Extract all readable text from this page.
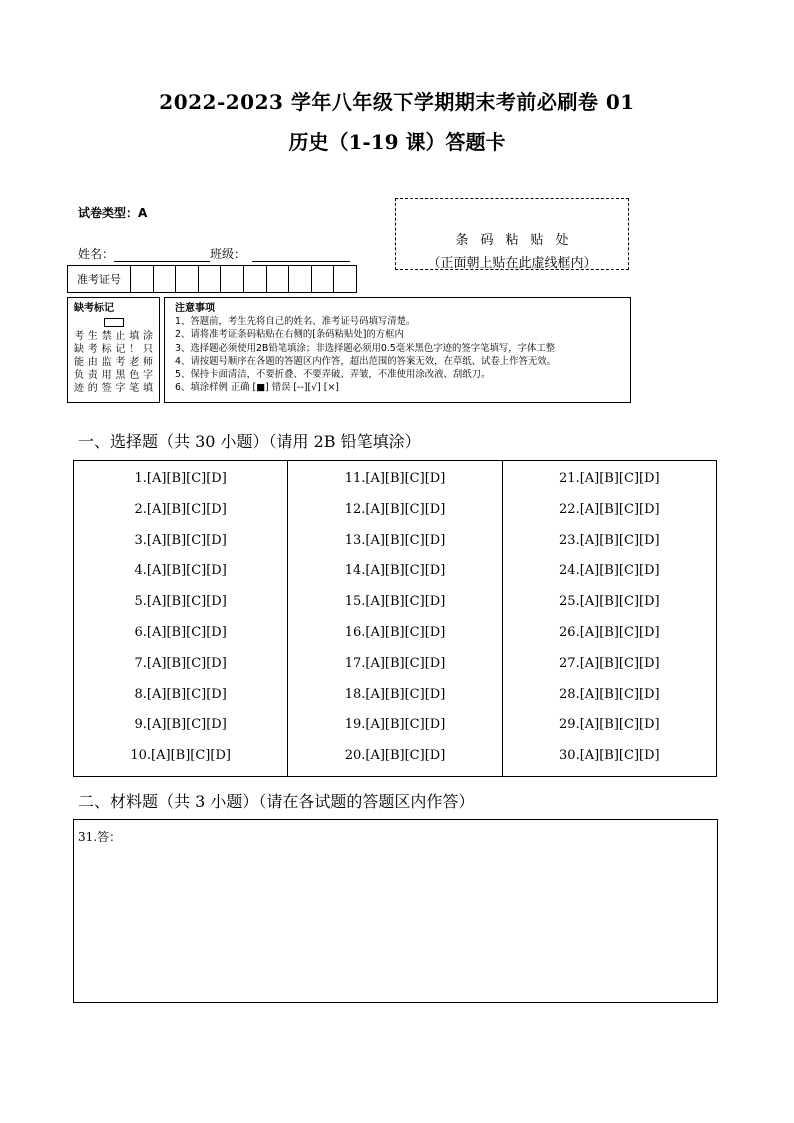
2022-2023 学年八年级下学期期末考前必刷卷 01
历史（1-19 课）答题卡
试卷类型：A
姓名：	班级：
条码粘贴处
（正面朝上贴在此虚线框内）
准考证号
缺考标记
考生禁止填涂
缺考标记！只
能由监考老师
负责用黑色字
迹的签字笔填
注意事项
1、答题前，考生先将自己的姓名、准考证号码填写清楚。
2、请将准考证条码粘贴在右侧的[条码粘贴处]的方框内
3、选择题必须使用2B铅笔填涂；非选择题必须用0.5毫米黑色字迹的签字笔填写，字体工整
4、请按题号顺序在各题的答题区内作答，超出范围的答案无效，在草纸、试卷上作答无效。
5、保持卡面清洁，不要折叠、不要弄破、弄皱，不准使用涂改液、刮纸刀。
6、填涂样例 正确 [■] 错误 [--][√] [×]
一、选择题（共 30 小题）（请用 2B 铅笔填涂）
1.[A][B][C][D]
2.[A][B][C][D]
3.[A][B][C][D]
4.[A][B][C][D]
5.[A][B][C][D]
6.[A][B][C][D]
7.[A][B][C][D]
8.[A][B][C][D]
9.[A][B][C][D]
10.[A][B][C][D]
11.[A][B][C][D]
12.[A][B][C][D]
13.[A][B][C][D]
14.[A][B][C][D]
15.[A][B][C][D]
16.[A][B][C][D]
17.[A][B][C][D]
18.[A][B][C][D]
19.[A][B][C][D]
20.[A][B][C][D]
21.[A][B][C][D]
22.[A][B][C][D]
23.[A][B][C][D]
24.[A][B][C][D]
25.[A][B][C][D]
26.[A][B][C][D]
27.[A][B][C][D]
28.[A][B][C][D]
29.[A][B][C][D]
30.[A][B][C][D]
二、材料题（共 3 小题）（请在各试题的答题区内作答）
31.答：
